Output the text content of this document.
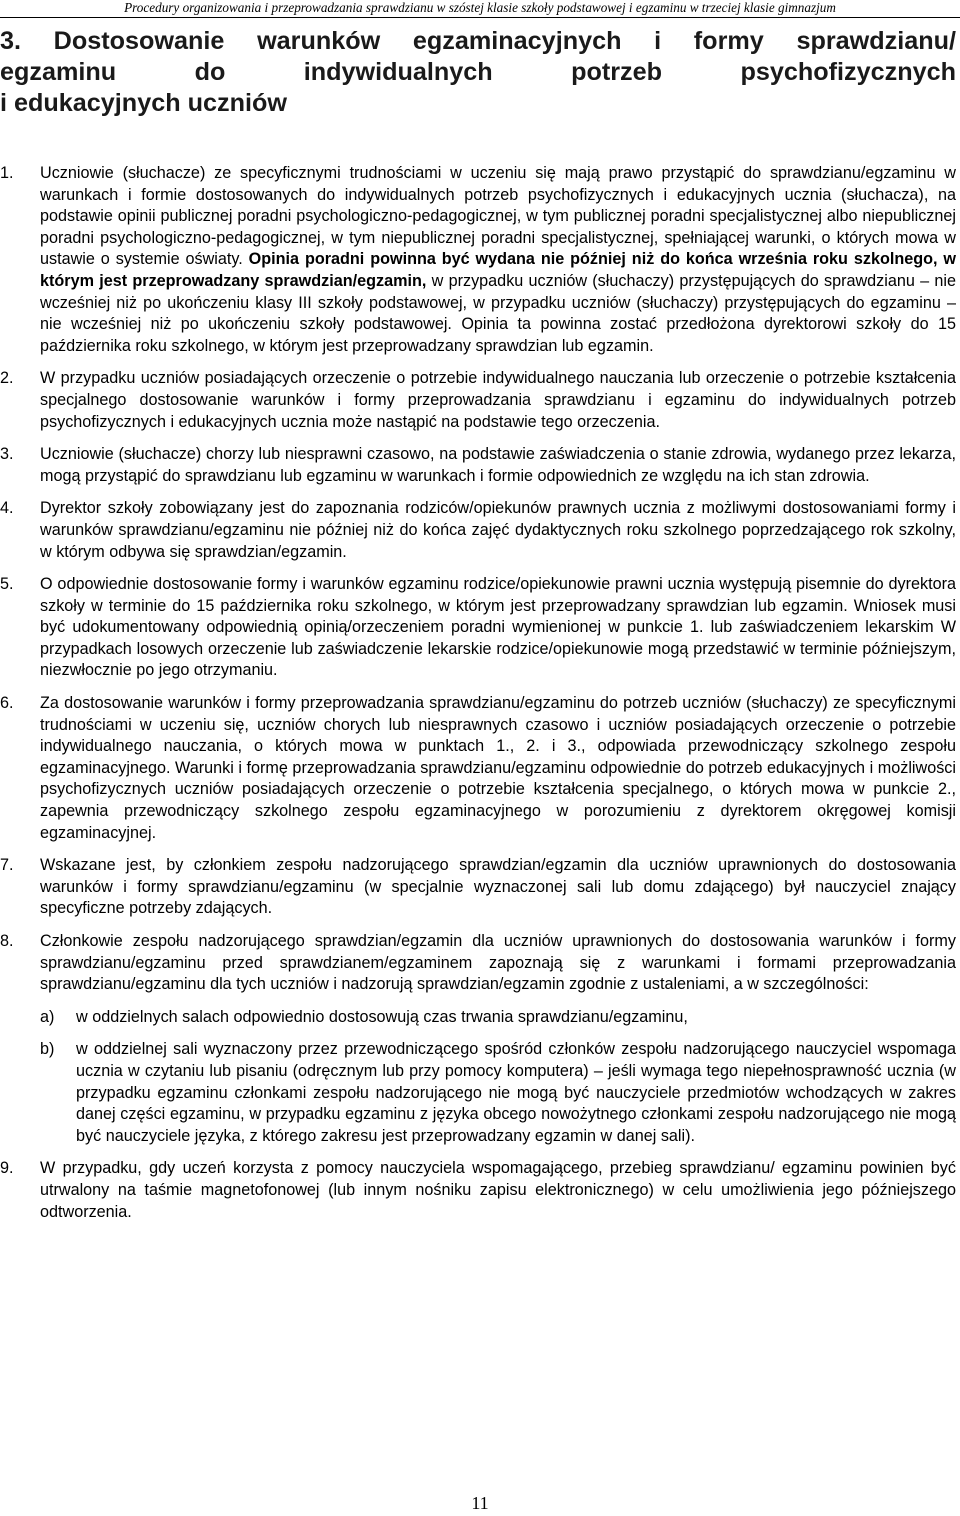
Procedury organizowania i przeprowadzania sprawdzianu w szóstej klasie szkoły podstawowej i egzaminu w trzeciej klasie gimnazjum
3. Dostosowanie warunków egzaminacyjnych i formy sprawdzianu/
egzaminu do indywidualnych potrzeb psychofizycznych
i edukacyjnych uczniów
1.	Uczniowie (słuchacze) ze specyficznymi trudnościami w uczeniu się mają prawo przystąpić do sprawdzianu/egzaminu w warunkach i formie dostosowanych do indywidualnych potrzeb psychofizycznych i edukacyjnych ucznia (słuchacza), na podstawie opinii publicznej poradni psychologiczno-pedagogicznej, w tym publicznej poradni specjalistycznej albo niepublicznej poradni psychologiczno-pedagogicznej, w tym niepublicznej poradni specjalistycznej, spełniającej warunki, o których mowa w ustawie o systemie oświaty. Opinia poradni powinna być wydana nie później niż do końca września roku szkolnego, w którym jest przeprowadzany sprawdzian/egzamin, w przypadku uczniów (słuchaczy) przystępujących do sprawdzianu – nie wcześniej niż po ukończeniu klasy III szkoły podstawowej, w przypadku uczniów (słuchaczy) przystępujących do egzaminu – nie wcześniej niż po ukończeniu szkoły podstawowej. Opinia ta powinna zostać przedłożona dyrektorowi szkoły do 15 października roku szkolnego, w którym jest przeprowadzany sprawdzian lub egzamin.
2.	W przypadku uczniów posiadających orzeczenie o potrzebie indywidualnego nauczania lub orzeczenie o potrzebie kształcenia specjalnego dostosowanie warunków i formy przeprowadzania sprawdzianu i egzaminu do indywidualnych potrzeb psychofizycznych i edukacyjnych ucznia może nastąpić na podstawie tego orzeczenia.
3.	Uczniowie (słuchacze) chorzy lub niesprawni czasowo, na podstawie zaświadczenia o stanie zdrowia, wydanego przez lekarza, mogą przystąpić do sprawdzianu lub egzaminu w warunkach i formie odpowiednich ze względu na ich stan zdrowia.
4.	Dyrektor szkoły zobowiązany jest do zapoznania rodziców/opiekunów prawnych ucznia z możliwymi dostosowaniami formy i warunków sprawdzianu/egzaminu nie później niż do końca zajęć dydaktycznych roku szkolnego poprzedzającego rok szkolny, w którym odbywa się sprawdzian/egzamin.
5.	O odpowiednie dostosowanie formy i warunków egzaminu rodzice/opiekunowie prawni ucznia występują pisemnie do dyrektora szkoły w terminie do 15 października roku szkolnego, w którym jest przeprowadzany sprawdzian lub egzamin. Wniosek musi być udokumentowany odpowiednią opinią/orzeczeniem poradni wymienionej w punkcie 1. lub zaświadczeniem lekarskim W przypadkach losowych orzeczenie lub zaświadczenie lekarskie rodzice/opiekunowie mogą przedstawić w terminie późniejszym, niezwłocznie po jego otrzymaniu.
6.	Za dostosowanie warunków i formy przeprowadzania sprawdzianu/egzaminu do potrzeb uczniów (słuchaczy) ze specyficznymi trudnościami w uczeniu się, uczniów chorych lub niesprawnych czasowo i uczniów posiadających orzeczenie o potrzebie indywidualnego nauczania, o których mowa w punktach 1., 2. i 3., odpowiada przewodniczący szkolnego zespołu egzaminacyjnego. Warunki i formę przeprowadzania sprawdzianu/egzaminu odpowiednie do potrzeb edukacyjnych i możliwości psychofizycznych uczniów posiadających orzeczenie o potrzebie kształcenia specjalnego, o których mowa w punkcie 2., zapewnia przewodniczący szkolnego zespołu egzaminacyjnego w porozumieniu z dyrektorem okręgowej komisji egzaminacyjnej.
7.	Wskazane jest, by członkiem zespołu nadzorującego sprawdzian/egzamin dla uczniów uprawnionych do dostosowania warunków i formy sprawdzianu/egzaminu (w specjalnie wyznaczonej sali lub domu zdającego) był nauczyciel znający specyficzne potrzeby zdających.
8.	Członkowie zespołu nadzorującego sprawdzian/egzamin dla uczniów uprawnionych do dostosowania warunków i formy sprawdzianu/egzaminu przed sprawdzianem/egzaminem zapoznają się z warunkami i formami przeprowadzania sprawdzianu/egzaminu dla tych uczniów i nadzorują sprawdzian/egzamin zgodnie z ustaleniami, a w szczególności:
a)	w oddzielnych salach odpowiednio dostosowują czas trwania sprawdzianu/egzaminu,
b)	w oddzielnej sali wyznaczony przez przewodniczącego spośród członków zespołu nadzorującego nauczyciel wspomaga ucznia w czytaniu lub pisaniu (odręcznym lub przy pomocy komputera) – jeśli wymaga tego niepełnosprawność ucznia (w przypadku egzaminu członkami zespołu nadzorującego nie mogą być nauczyciele przedmiotów wchodzących w zakres danej części egzaminu, w przypadku egzaminu z języka obcego nowożytnego członkami zespołu nadzorującego nie mogą być nauczyciele języka, z którego zakresu jest przeprowadzany egzamin w danej sali).
9.	W przypadku, gdy uczeń korzysta z pomocy nauczyciela wspomagającego, przebieg sprawdzianu/ egzaminu powinien być utrwalony na taśmie magnetofonowej (lub innym nośniku zapisu elektronicznego) w celu umożliwienia jego późniejszego odtworzenia.
11
